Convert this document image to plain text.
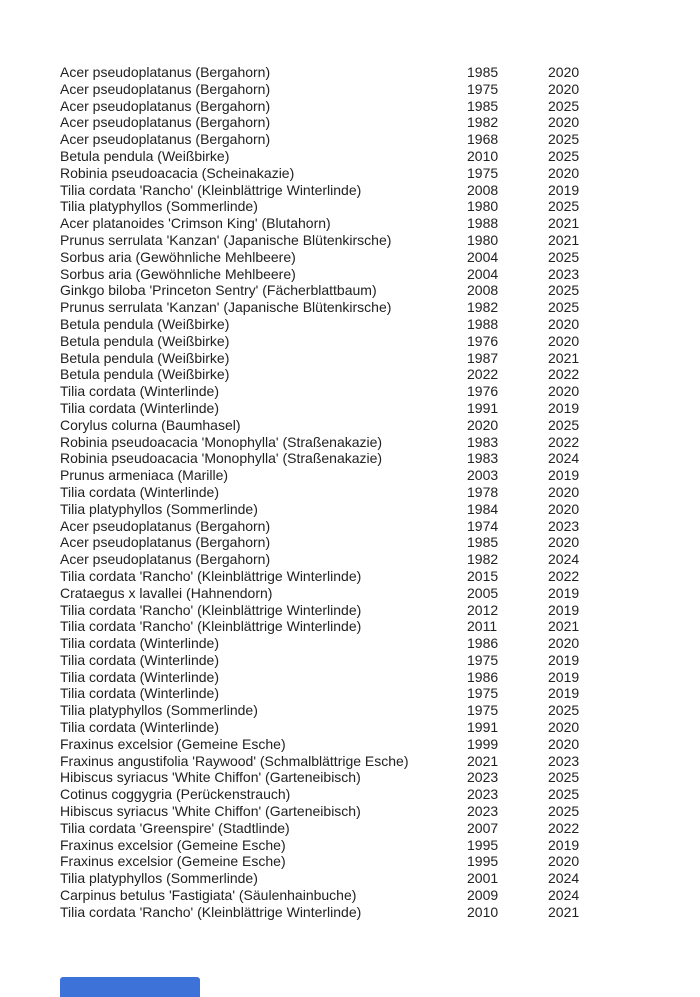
Acer pseudoplatanus (Bergahorn)	1985	2020
Acer pseudoplatanus (Bergahorn)	1975	2020
Acer pseudoplatanus (Bergahorn)	1985	2025
Acer pseudoplatanus (Bergahorn)	1982	2020
Acer pseudoplatanus (Bergahorn)	1968	2025
Betula pendula (Weißbirke)	2010	2025
Robinia pseudoacacia (Scheinakazie)	1975	2020
Tilia cordata 'Rancho' (Kleinblättrige Winterlinde)	2008	2019
Tilia platyphyllos (Sommerlinde)	1980	2025
Acer platanoides 'Crimson King' (Blutahorn)	1988	2021
Prunus serrulata 'Kanzan' (Japanische Blütenkirsche)	1980	2021
Sorbus aria (Gewöhnliche Mehlbeere)	2004	2025
Sorbus aria (Gewöhnliche Mehlbeere)	2004	2023
Ginkgo biloba 'Princeton Sentry' (Fächerblattbaum)	2008	2025
Prunus serrulata 'Kanzan' (Japanische Blütenkirsche)	1982	2025
Betula pendula (Weißbirke)	1988	2020
Betula pendula (Weißbirke)	1976	2020
Betula pendula (Weißbirke)	1987	2021
Betula pendula (Weißbirke)	2022	2022
Tilia cordata (Winterlinde)	1976	2020
Tilia cordata (Winterlinde)	1991	2019
Corylus colurna (Baumhasel)	2020	2025
Robinia pseudoacacia 'Monophylla' (Straßenakazie)	1983	2022
Robinia pseudoacacia 'Monophylla' (Straßenakazie)	1983	2024
Prunus armeniaca (Marille)	2003	2019
Tilia cordata (Winterlinde)	1978	2020
Tilia platyphyllos (Sommerlinde)	1984	2020
Acer pseudoplatanus (Bergahorn)	1974	2023
Acer pseudoplatanus (Bergahorn)	1985	2020
Acer pseudoplatanus (Bergahorn)	1982	2024
Tilia cordata 'Rancho' (Kleinblättrige Winterlinde)	2015	2022
Crataegus x lavallei (Hahnendorn)	2005	2019
Tilia cordata 'Rancho' (Kleinblättrige Winterlinde)	2012	2019
Tilia cordata 'Rancho' (Kleinblättrige Winterlinde)	2011	2021
Tilia cordata (Winterlinde)	1986	2020
Tilia cordata (Winterlinde)	1975	2019
Tilia cordata (Winterlinde)	1986	2019
Tilia cordata (Winterlinde)	1975	2019
Tilia platyphyllos (Sommerlinde)	1975	2025
Tilia cordata (Winterlinde)	1991	2020
Fraxinus excelsior (Gemeine Esche)	1999	2020
Fraxinus angustifolia 'Raywood' (Schmalblättrige Esche)	2021	2023
Hibiscus syriacus 'White Chiffon' (Garteneibisch)	2023	2025
Cotinus coggygria (Perückenstrauch)	2023	2025
Hibiscus syriacus 'White Chiffon' (Garteneibisch)	2023	2025
Tilia cordata 'Greenspire' (Stadtlinde)	2007	2022
Fraxinus excelsior (Gemeine Esche)	1995	2019
Fraxinus excelsior (Gemeine Esche)	1995	2020
Tilia platyphyllos (Sommerlinde)	2001	2024
Carpinus betulus 'Fastigiata' (Säulenhainbuche)	2009	2024
Tilia cordata 'Rancho' (Kleinblättrige Winterlinde)	2010	2021
